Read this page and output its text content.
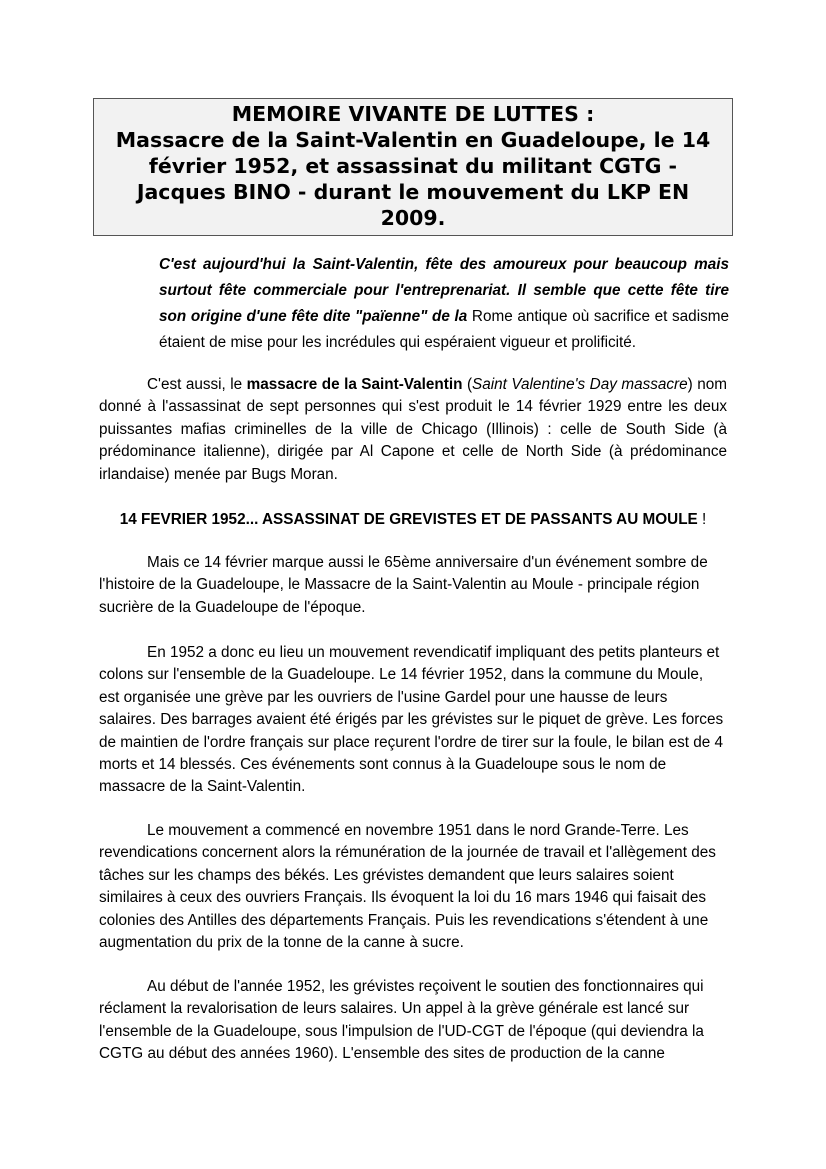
MEMOIRE VIVANTE DE LUTTES :
Massacre de la Saint-Valentin en Guadeloupe, le 14 février 1952, et assassinat du militant CGTG - Jacques BINO - durant le mouvement du LKP EN 2009.
C'est aujourd'hui la Saint-Valentin, fête des amoureux pour beaucoup mais surtout fête commerciale pour l'entreprenariat. Il semble que cette fête tire son origine d'une fête dite "païenne" de la Rome antique où sacrifice et sadisme étaient de mise pour les incrédules qui espéraient vigueur et prolificité.

C'est aussi, le massacre de la Saint-Valentin (Saint Valentine's Day massacre) nom donné à l'assassinat de sept personnes qui s'est produit le 14 février 1929 entre les deux puissantes mafias criminelles de la ville de Chicago (Illinois) : celle de South Side (à prédominance italienne), dirigée par Al Capone et celle de North Side (à prédominance irlandaise) menée par Bugs Moran.

14 FEVRIER 1952... ASSASSINAT DE GREVISTES ET DE PASSANTS AU MOULE !

Mais ce 14 février marque aussi le 65ème anniversaire d'un événement sombre de l'histoire de la Guadeloupe, le Massacre de la Saint-Valentin au Moule - principale région sucrière de la Guadeloupe de l'époque.

En 1952 a donc eu lieu un mouvement revendicatif impliquant des petits planteurs et colons sur l'ensemble de la Guadeloupe. Le 14 février 1952, dans la commune du Moule, est organisée une grève par les ouvriers de l'usine Gardel pour une hausse de leurs salaires. Des barrages avaient été érigés par les grévistes sur le piquet de grève. Les forces de maintien de l'ordre français sur place reçurent l'ordre de tirer sur la foule, le bilan est de 4 morts et 14 blessés. Ces événements sont connus à la Guadeloupe sous le nom de massacre de la Saint-Valentin.

Le mouvement a commencé en novembre 1951 dans le nord Grande-Terre. Les revendications concernent alors la rémunération de la journée de travail et l'allègement des tâches sur les champs des békés. Les grévistes demandent que leurs salaires soient similaires à ceux des ouvriers Français. Ils évoquent la loi du 16 mars 1946 qui faisait des colonies des Antilles des départements Français. Puis les revendications s'étendent à une augmentation du prix de la tonne de la canne à sucre.

Au début de l'année 1952, les grévistes reçoivent le soutien des fonctionnaires qui réclament la revalorisation de leurs salaires. Un appel à la grève générale est lancé sur l'ensemble de la Guadeloupe, sous l'impulsion de l'UD-CGT de l'époque (qui deviendra la CGTG au début des années 1960). L'ensemble des sites de production de la canne
